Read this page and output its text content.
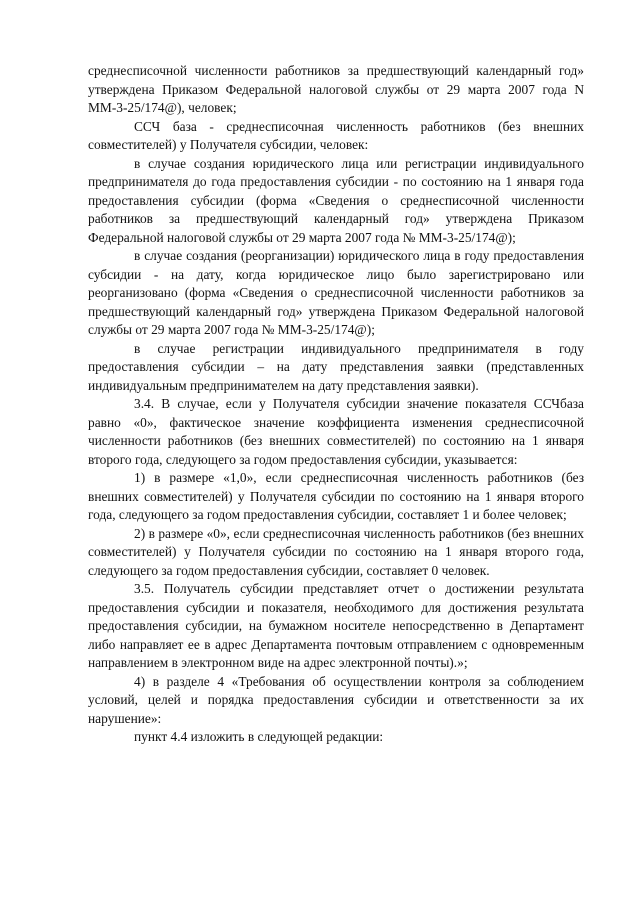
среднесписочной численности работников за предшествующий календарный год» утверждена Приказом Федеральной налоговой службы от 29 марта 2007 года N ММ-3-25/174@), человек;

ССЧ база - среднесписочная численность работников (без внешних совместителей) у Получателя субсидии, человек:

в случае создания юридического лица или регистрации индивидуального предпринимателя до года предоставления субсидии - по состоянию на 1 января года предоставления субсидии (форма «Сведения о среднесписочной численности работников за предшествующий календарный год» утверждена Приказом Федеральной налоговой службы от 29 марта 2007 года № ММ-3-25/174@);

в случае создания (реорганизации) юридического лица в году предоставления субсидии - на дату, когда юридическое лицо было зарегистрировано или реорганизовано (форма «Сведения о среднесписочной численности работников за предшествующий календарный год» утверждена Приказом Федеральной налоговой службы от 29 марта 2007 года № ММ-3-25/174@);

в случае регистрации индивидуального предпринимателя в году предоставления субсидии – на дату представления заявки (представленных индивидуальным предпринимателем на дату представления заявки).

3.4. В случае, если у Получателя субсидии значение показателя ССЧбаза равно «0», фактическое значение коэффициента изменения среднесписочной численности работников (без внешних совместителей) по состоянию на 1 января второго года, следующего за годом предоставления субсидии, указывается:

1) в размере «1,0», если среднесписочная численность работников (без внешних совместителей) у Получателя субсидии по состоянию на 1 января второго года, следующего за годом предоставления субсидии, составляет 1 и более человек;

2) в размере «0», если среднесписочная численность работников (без внешних совместителей) у Получателя субсидии по состоянию на 1 января второго года, следующего за годом предоставления субсидии, составляет 0 человек.

3.5. Получатель субсидии представляет отчет о достижении результата предоставления субсидии и показателя, необходимого для достижения результата предоставления субсидии, на бумажном носителе непосредственно в Департамент либо направляет ее в адрес Департамента почтовым отправлением с одновременным направлением в электронном виде на адрес электронной почты).»;

4) в разделе 4 «Требования об осуществлении контроля за соблюдением условий, целей и порядка предоставления субсидии и ответственности за их нарушение»:

пункт 4.4 изложить в следующей редакции:
